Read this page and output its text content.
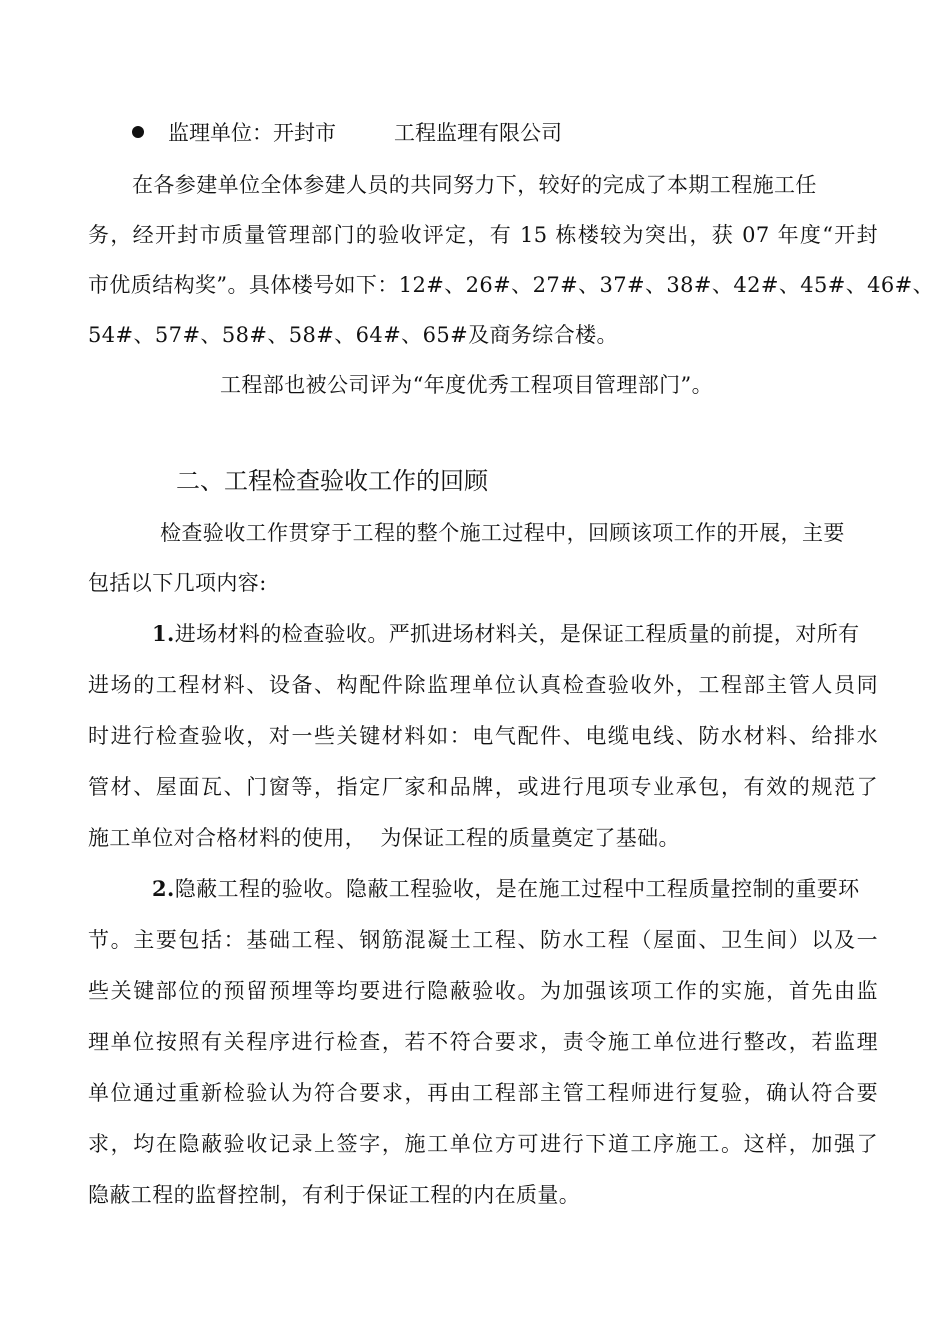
监理单位：开封市	工程监理有限公司
在各参建单位全体参建人员的共同努力下，较好的完成了本期工程施工任
务，经开封市质量管理部门的验收评定，有 15 栋楼较为突出，获 07 年度“开封
市优质结构奖”。具体楼号如下：12#、26#、27#、37#、38#、42#、45#、46#、
54#、57#、58#、58#、64#、65#及商务综合楼。
工程部也被公司评为“年度优秀工程项目管理部门”。
二、工程检查验收工作的回顾
检查验收工作贯穿于工程的整个施工过程中，回顾该项工作的开展，主要
包括以下几项内容:
1.进场材料的检查验收。严抓进场材料关，是保证工程质量的前提，对所有
进场的工程材料、设备、构配件除监理单位认真检查验收外，工程部主管人员同
时进行检查验收，对一些关键材料如：电气配件、电缆电线、防水材料、给排水
管材、屋面瓦、门窗等，指定厂家和品牌，或进行甩项专业承包，有效的规范了
施工单位对合格材料的使用，  为保证工程的质量奠定了基础。
2.隐蔽工程的验收。隐蔽工程验收，是在施工过程中工程质量控制的重要环
节。主要包括：基础工程、钢筋混凝土工程、防水工程（屋面、卫生间）以及一
些关键部位的预留预埋等均要进行隐蔽验收。为加强该项工作的实施，首先由监
理单位按照有关程序进行检查，若不符合要求，责令施工单位进行整改，若监理
单位通过重新检验认为符合要求，再由工程部主管工程师进行复验，确认符合要
求，均在隐蔽验收记录上签字，施工单位方可进行下道工序施工。这样，加强了
隐蔽工程的监督控制，有利于保证工程的内在质量。
